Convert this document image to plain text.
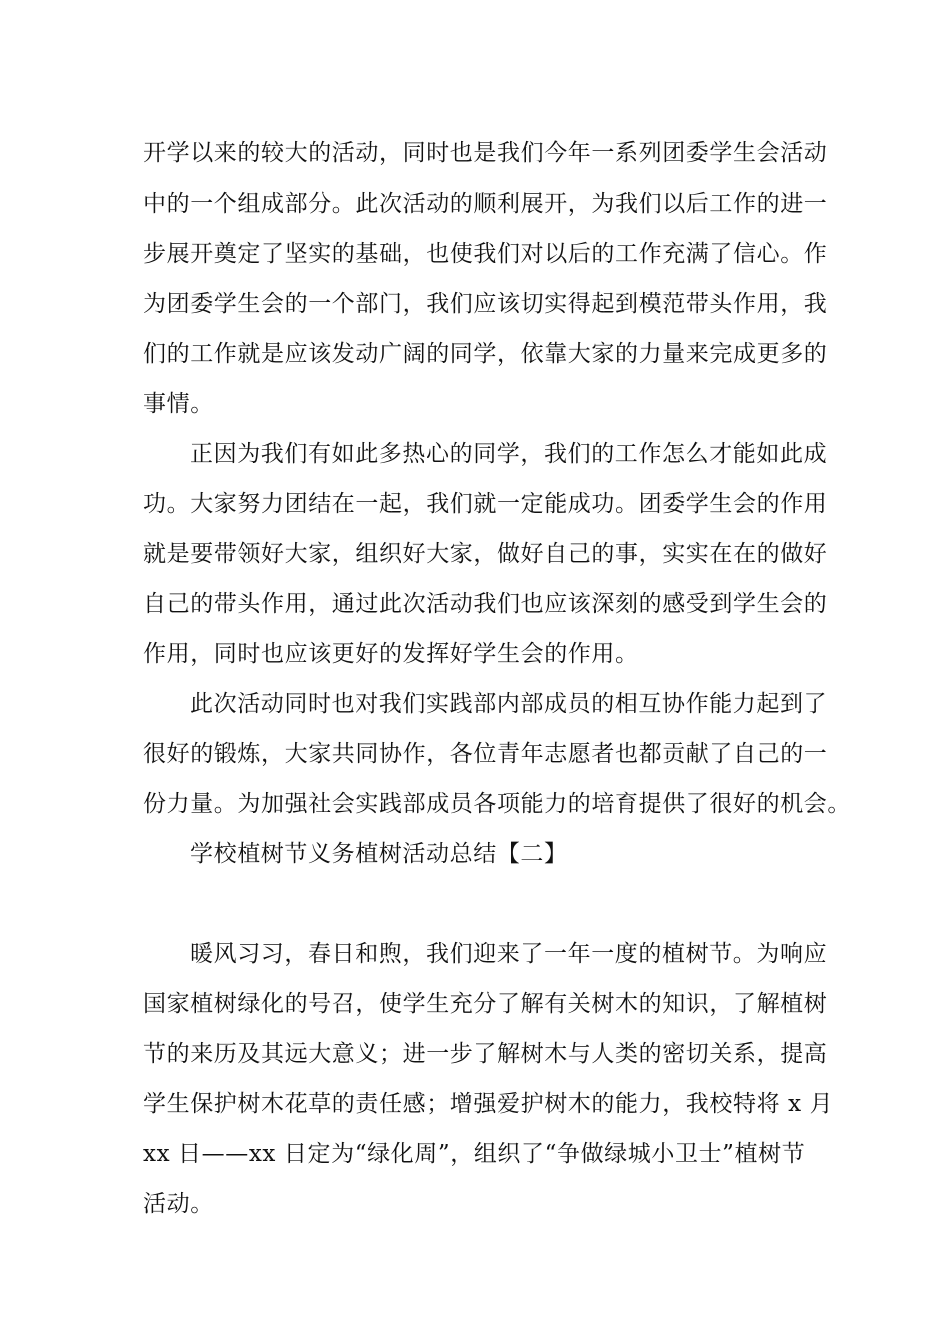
开学以来的较大的活动，同时也是我们今年一系列团委学生会活动
中的一个组成部分。此次活动的顺利展开，为我们以后工作的进一
步展开奠定了坚实的基础，也使我们对以后的工作充满了信心。作
为团委学生会的一个部门，我们应该切实得起到模范带头作用，我
们的工作就是应该发动广阔的同学，依靠大家的力量来完成更多的
事情。
正因为我们有如此多热心的同学，我们的工作怎么才能如此成
功。大家努力团结在一起，我们就一定能成功。团委学生会的作用
就是要带领好大家，组织好大家，做好自己的事，实实在在的做好
自己的带头作用，通过此次活动我们也应该深刻的感受到学生会的
作用，同时也应该更好的发挥好学生会的作用。
此次活动同时也对我们实践部内部成员的相互协作能力起到了
很好的锻炼，大家共同协作，各位青年志愿者也都贡献了自己的一
份力量。为加强社会实践部成员各项能力的培育提供了很好的机会。
学校植树节义务植树活动总结【二】
暖风习习，春日和煦，我们迎来了一年一度的植树节。为响应
国家植树绿化的号召，使学生充分了解有关树木的知识，了解植树
节的来历及其远大意义；进一步了解树木与人类的密切关系，提高
学生保护树木花草的责任感；增强爱护树木的能力，我校特将 x 月
xx 日——xx 日定为“绿化周”，组织了“争做绿城小卫士”植树节
活动。
